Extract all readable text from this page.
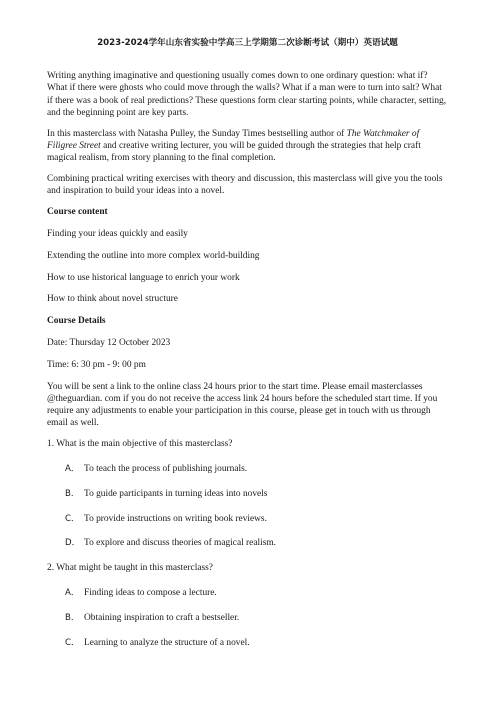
2023-2024学年山东省实验中学高三上学期第二次诊断考试（期中）英语试题

Writing anything imaginative and questioning usually comes down to one ordinary question: what if? What if there were ghosts who could move through the walls? What if a man were to turn into salt? What if there was a book of real predictions? These questions form clear starting points, while character, setting, and the beginning point are key parts.

In this masterclass with Natasha Pulley, the Sunday Times bestselling author of The Watchmaker of Filigree Street and creative writing lecturer, you will be guided through the strategies that help craft magical realism, from story planning to the final completion.

Combining practical writing exercises with theory and discussion, this masterclass will give you the tools and inspiration to build your ideas into a novel.

Course content

Finding your ideas quickly and easily

Extending the outline into more complex world-building

How to use historical language to enrich your work

How to think about novel structure

Course Details

Date: Thursday 12 October 2023

Time: 6: 30 pm - 9: 00 pm

You will be sent a link to the online class 24 hours prior to the start time. Please email masterclasses @theguardian. com if you do not receive the access link 24 hours before the scheduled start time. If you require any adjustments to enable your participation in this course, please get in touch with us through email as well.

1. What is the main objective of this masterclass?

A． To teach the process of publishing journals.
B． To guide participants in turning ideas into novels
C． To provide instructions on writing book reviews.
D． To explore and discuss theories of magical realism.

2. What might be taught in this masterclass?

A． Finding ideas to compose a lecture.
B． Obtaining inspiration to craft a bestseller.
C． Learning to analyze the structure of a novel.
